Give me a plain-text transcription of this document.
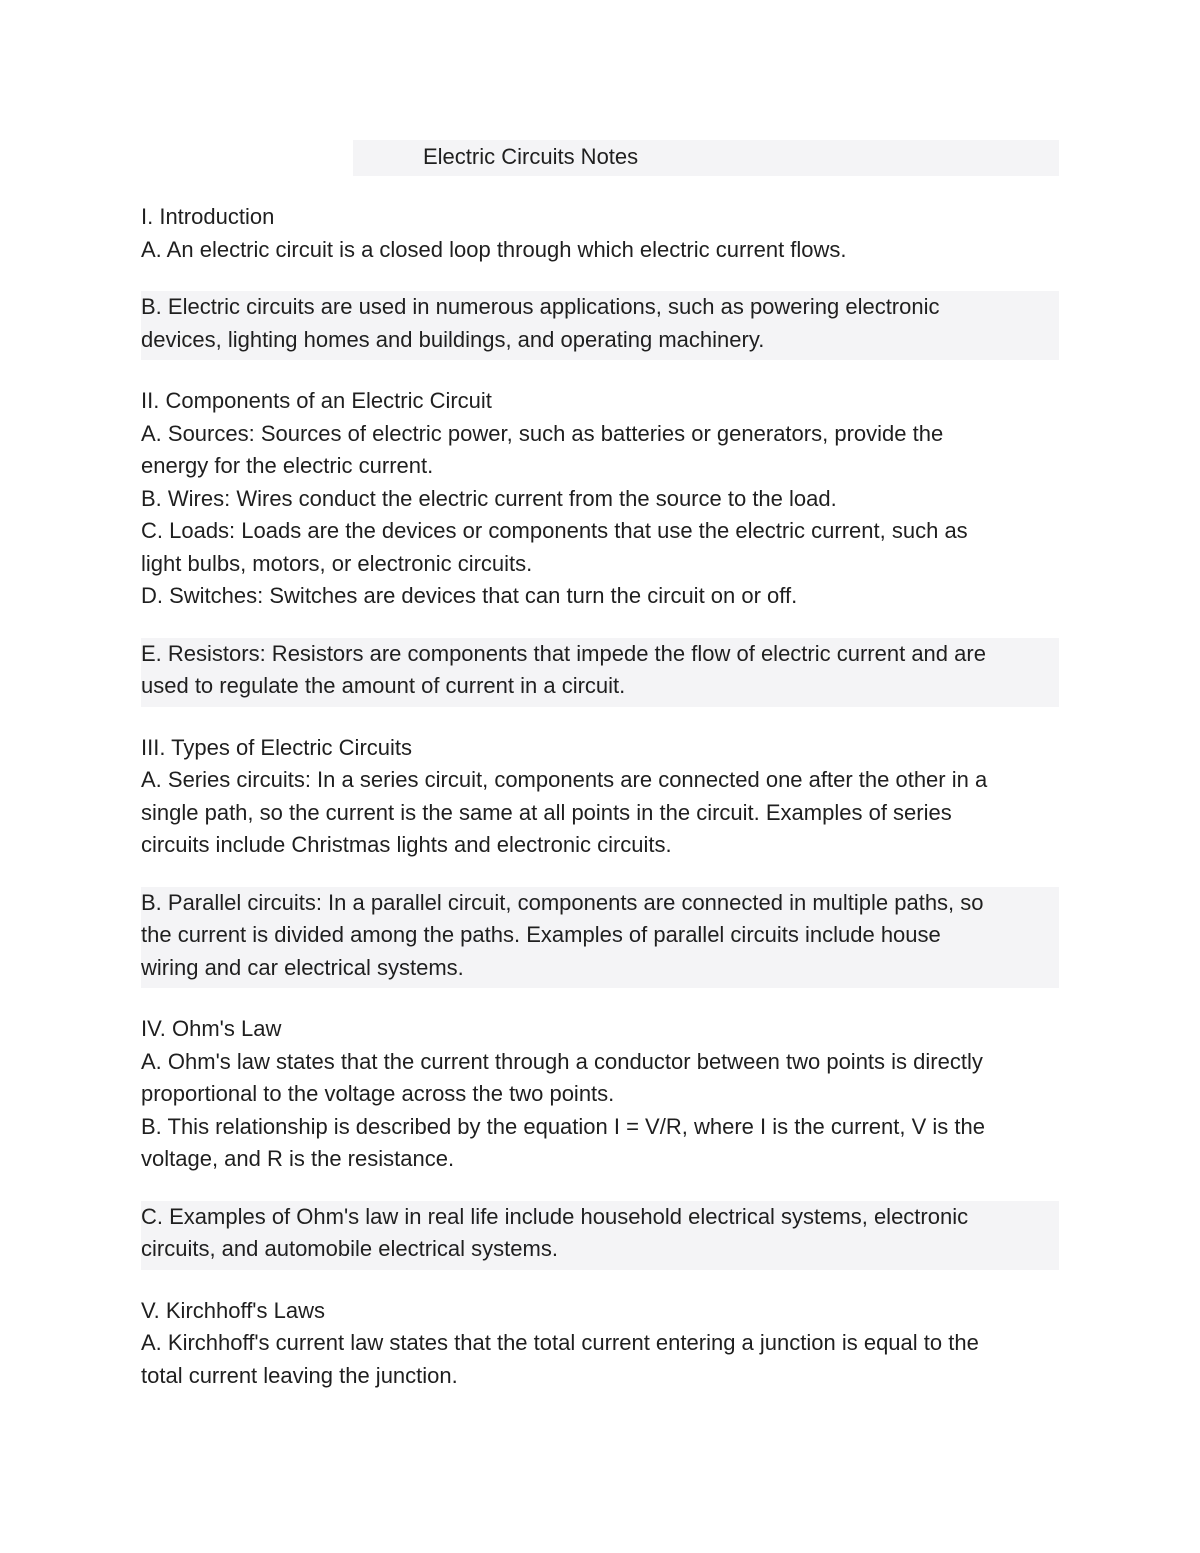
Electric Circuits Notes
I. Introduction
A. An electric circuit is a closed loop through which electric current flows.
B. Electric circuits are used in numerous applications, such as powering electronic
devices, lighting homes and buildings, and operating machinery.
II. Components of an Electric Circuit
A. Sources: Sources of electric power, such as batteries or generators, provide the
energy for the electric current.
B. Wires: Wires conduct the electric current from the source to the load.
C. Loads: Loads are the devices or components that use the electric current, such as
light bulbs, motors, or electronic circuits.
D. Switches: Switches are devices that can turn the circuit on or off.
E. Resistors: Resistors are components that impede the flow of electric current and are
used to regulate the amount of current in a circuit.
III. Types of Electric Circuits
A. Series circuits: In a series circuit, components are connected one after the other in a
single path, so the current is the same at all points in the circuit. Examples of series
circuits include Christmas lights and electronic circuits.
B. Parallel circuits: In a parallel circuit, components are connected in multiple paths, so
the current is divided among the paths. Examples of parallel circuits include house
wiring and car electrical systems.
IV. Ohm's Law
A. Ohm's law states that the current through a conductor between two points is directly
proportional to the voltage across the two points.
B. This relationship is described by the equation I = V/R, where I is the current, V is the
voltage, and R is the resistance.
C. Examples of Ohm's law in real life include household electrical systems, electronic
circuits, and automobile electrical systems.
V. Kirchhoff's Laws
A. Kirchhoff's current law states that the total current entering a junction is equal to the
total current leaving the junction.
